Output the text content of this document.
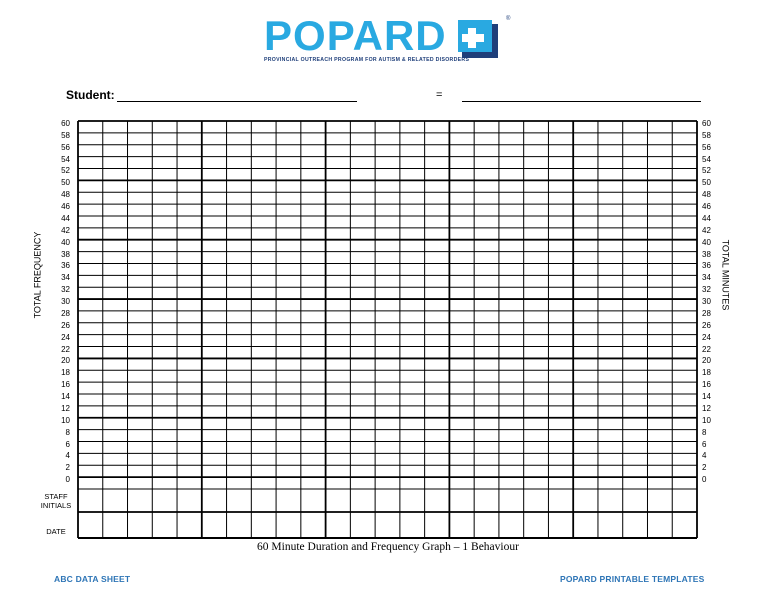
POPARD	®
PROVINCIAL OUTREACH PROGRAM FOR AUTISM & RELATED DISORDERS
Student:	=
TOTAL FREQUENCY	TOTAL MINUTES
60	60
58	58
56	56
54	54
52	52
50	50
48	48
46	46
44	44
42	42
40	40
38	38
36	36
34	34
32	32
30	30
28	28
26	26
24	24
22	22
20	20
18	18
16	16
14	14
12	12
10	10
8	8
6	6
4	4
2	2
0	0
STAFF
INITIALS
DATE
60 Minute Duration and Frequency Graph – 1 Behaviour
ABC DATA SHEET	POPARD PRINTABLE TEMPLATES
